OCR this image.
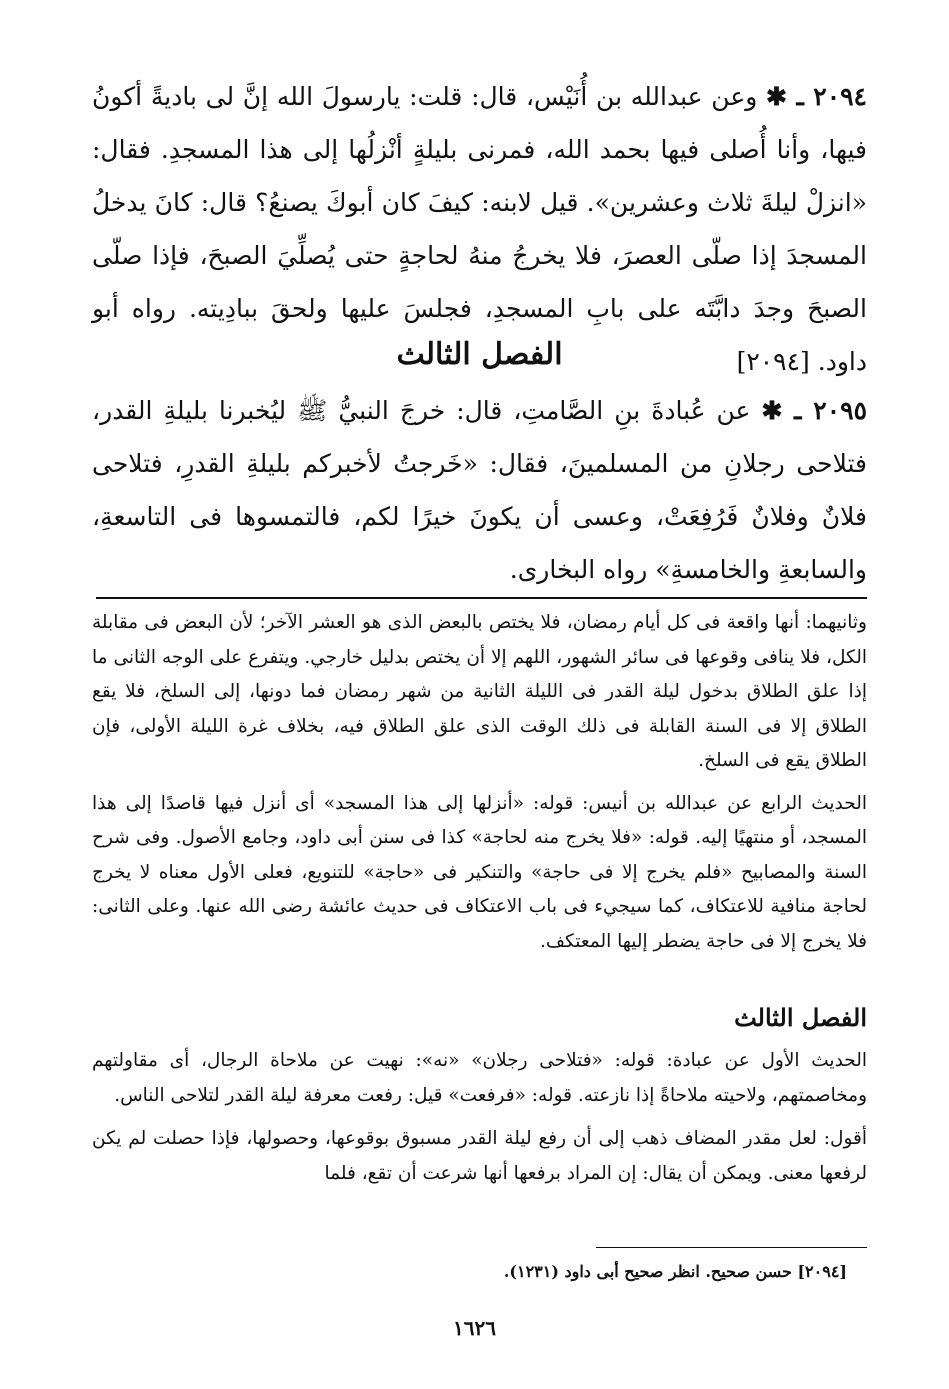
٢٠٩٤ ـ ✱ وعن عبدالله بن أُنَيْس، قال: قلت: يارسولَ الله إنَّ لى باديةً أكونُ فيها، وأنا أُصلى فيها بحمد الله، فمرنى بليلةٍ أنْزلُها إلى هذا المسجدِ. فقال: «انزلْ ليلةَ ثلاث وعشرين». قيل لابنه: كيفَ كان أبوكَ يصنعُ؟ قال: كانَ يدخلُ المسجدَ إذا صلّى العصرَ، فلا يخرجُ منهُ لحاجةٍ حتى يُصلِّيَ الصبحَ، فإذا صلّى الصبحَ وجدَ دابَّتَه على بابِ المسجدِ، فجلسَ عليها ولحقَ ببادِيته. رواه أبو داود. [٢٠٩٤]

الفصل الثالث
٢٠٩٥ ـ ✱ عن عُبادةَ بنِ الصَّامتِ، قال: خرجَ النبيُّ ﷺ ليُخبرنا بليلةِ القدر، فتلاحى رجلانِ من المسلمينَ، فقال: «خَرجتُ لأخبركم بليلةِ القدرِ، فتلاحى فلانٌ وفلانٌ فَرُفِعَتْ، وعسى أن يكونَ خيرًا لكم، فالتمسوها فى التاسعةِ، والسابعةِ والخامسةِ» رواه البخارى.

وثانيهما: أنها واقعة فى كل أيام رمضان، فلا يختص بالبعض الذى هو العشر الآخر؛ لأن البعض فى مقابلة الكل، فلا ينافى وقوعها فى سائر الشهور، اللهم إلا أن يختص بدليل خارجي. ويتفرع على الوجه الثانى ما إذا علق الطلاق بدخول ليلة القدر فى الليلة الثانية من شهر رمضان فما دونها، إلى السلخ، فلا يقع الطلاق إلا فى السنة القابلة فى ذلك الوقت الذى علق الطلاق فيه، بخلاف غرة الليلة الأولى، فإن الطلاق يقع فى السلخ.

الحديث الرابع عن عبدالله بن أنيس: قوله: «أنزلها إلى هذا المسجد» أى أنزل فيها قاصدًا إلى هذا المسجد، أو منتهيًا إليه. قوله: «فلا يخرج منه لحاجة» كذا فى سنن أبى داود، وجامع الأصول. وفى شرح السنة والمصابيح «فلم يخرج إلا فى حاجة» والتنكير فى «حاجة» للتنويع، فعلى الأول معناه لا يخرج لحاجة منافية للاعتكاف، كما سيجيء فى باب الاعتكاف فى حديث عائشة رضى الله عنها. وعلى الثانى: فلا يخرج إلا فى حاجة يضطر إليها المعتكف.

الفصل الثالث

الحديث الأول عن عبادة: قوله: «فتلاحى رجلان» «نه»: نهيت عن ملاحاة الرجال، أى مقاولتهم ومخاصمتهم، ولاحيته ملاحاةً إذا نازعته. قوله: «فرفعت» قيل: رفعت معرفة ليلة القدر لتلاحى الناس.

أقول: لعل مقدر المضاف ذهب إلى أن رفع ليلة القدر مسبوق بوقوعها، وحصولها، فإذا حصلت لم يكن لرفعها معنى. ويمكن أن يقال: إن المراد برفعها أنها شرعت أن تقع، فلما

[٢٠٩٤] حسن صحيح. انظر صحيح أبى داود (١٢٣١).
١٦٢٦
